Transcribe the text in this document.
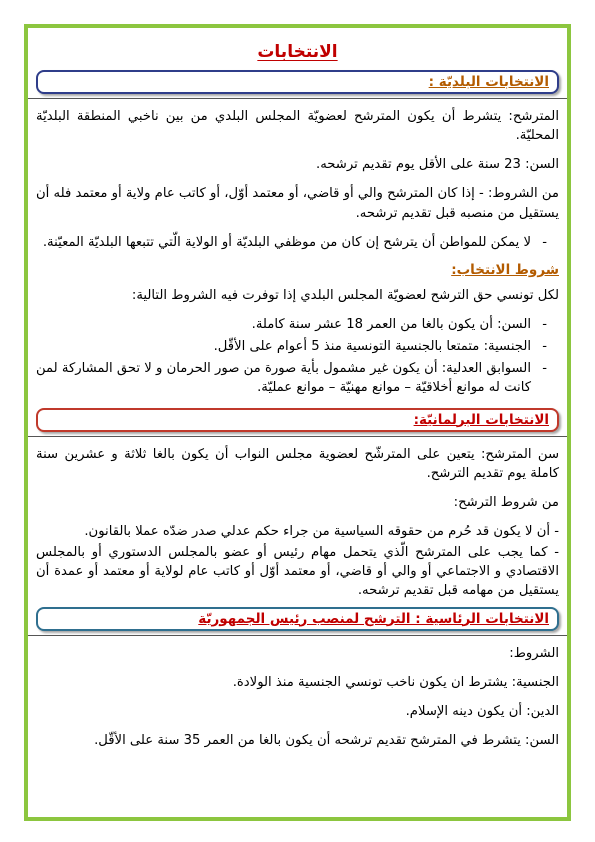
الانتخابات
الانتخابات البلديّة :

المترشح: يتشرط أن يكون المترشح لعضويّة المجلس البلدي من بين ناخبي المنطقة البلديّة المحليّة.

السن: 23 سنة على الأقل يوم تقديم ترشحه.

من الشروط: - إذا كان المترشح والي أو قاضي، أو معتمد أوّل، أو كاتب عام ولاية أو معتمد فله أن يستقيل من منصبه قبل تقديم ترشحه.

- لا يمكن للمواطن أن يترشح إن كان من موظفي البلديّة أو الولاية الّتي تتبعها البلديّة المعيّنة.
شروط الانتخاب:

لكل تونسي حق الترشح لعضويّة المجلس البلدي إذا توفرت فيه الشروط التالية:

- السن: أن يكون بالغا من العمر 18 عشر سنة كاملة.
- الجنسية: متمتعا بالجنسية التونسية منذ 5 أعوام على الأقّل.
- السوابق العدلية: أن يكون غير مشمول بأية صورة من صور الحرمان و لا تحق المشاركة لمن كانت له موانع أخلاقيّة – موانع مهنيّة – موانع عمليّة.
الانتخابات البرلمانيّة:

سن المترشح: يتعين على المترشّح لعضوية مجلس النواب أن يكون بالغا ثلاثة و عشرين سنة كاملة يوم تقديم الترشح.

من شروط الترشح:

- أن لا يكون قد حُرم من حقوقه السياسية من جراء حكم عدلي صدر ضدّه عملا بالقانون.

- كما يجب على المترشح الّذي يتحمل مهام رئيس أو عضو بالمجلس الدستوري أو بالمجلس الاقتصادي و الاجتماعي أو والي أو قاضي، أو معتمد أوّل أو كاتب عام لولاية أو معتمد أو عمدة أن يستقيل من مهامه قبل تقديم ترشحه.

الانتخابات الرئاسية : الترشح لمنصب رئيس الجمهوريّة

الشروط:

الجنسية: يشترط ان يكون ناخب تونسي الجنسية منذ الولادة.

الدين: أن يكون دينه الإسلام.

السن: يتشرط في المترشح تقديم ترشحه أن يكون بالغا من العمر 35 سنة على الأقّل.
